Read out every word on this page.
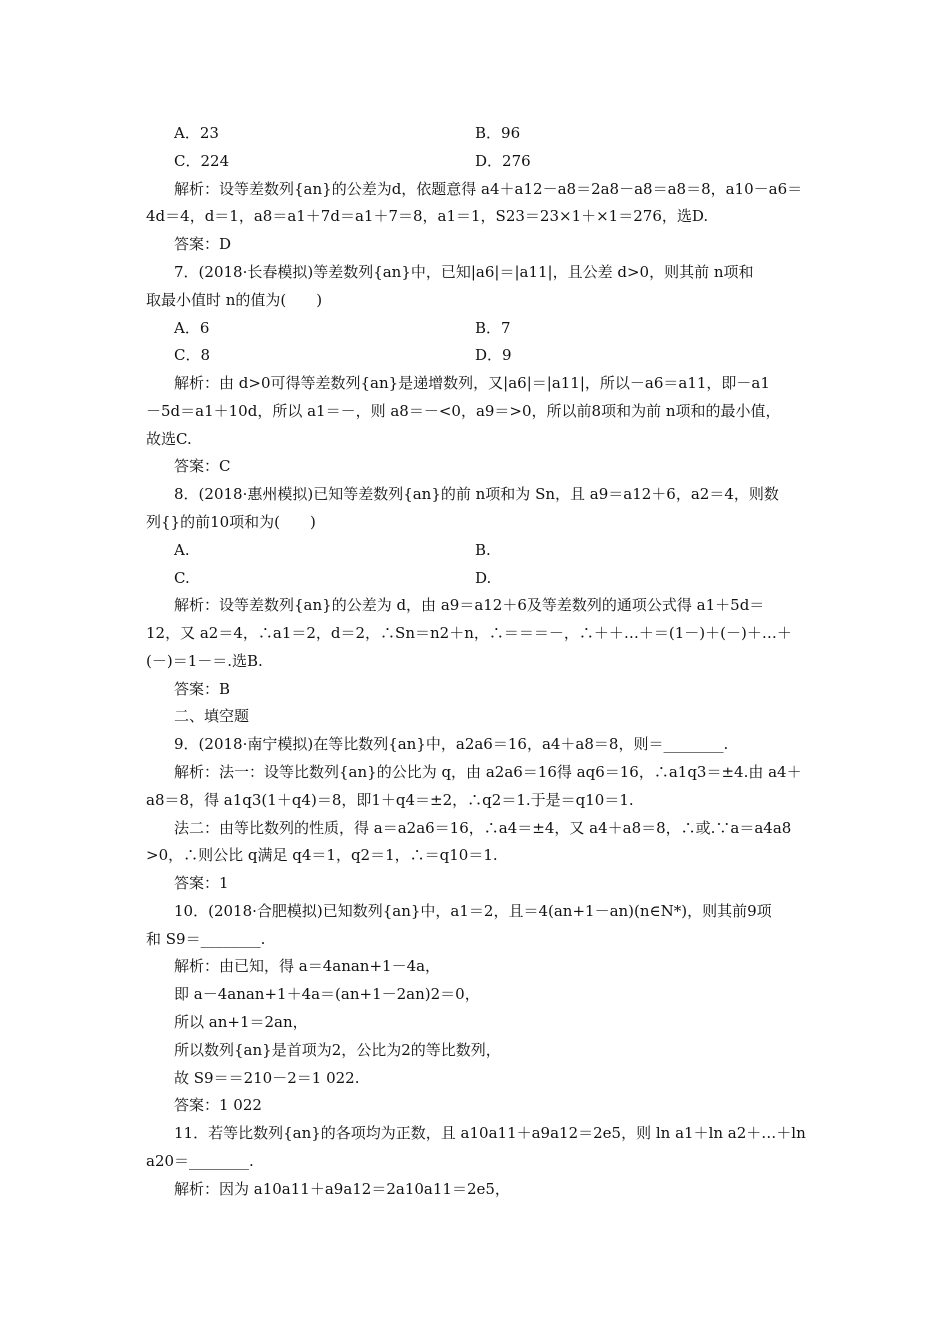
A．23	B．96
C．224	D．276
解析：设等差数列{an}的公差为d，依题意得 a4＋a12－a8＝2a8－a8＝a8＝8，a10－a6＝
4d＝4，d＝1，a8＝a1＋7d＝a1＋7＝8，a1＝1，S23＝23×1＋×1＝276，选D.
答案：D
7．(2018·长春模拟)等差数列{an}中，已知|a6|＝|a11|，且公差 d>0，则其前 n项和
取最小值时 n的值为(　　)
A．6	B．7
C．8	D．9
解析：由 d>0可得等差数列{an}是递增数列，又|a6|＝|a11|，所以－a6＝a11，即－a1
－5d＝a1＋10d，所以 a1＝－，则 a8＝－<0，a9＝>0，所以前8项和为前 n项和的最小值，
故选C.
答案：C
8．(2018·惠州模拟)已知等差数列{an}的前 n项和为 Sn，且 a9＝a12＋6，a2＝4，则数
列{}的前10项和为(　　)
A.	B.
C.	D.
解析：设等差数列{an}的公差为 d，由 a9＝a12＋6及等差数列的通项公式得 a1＋5d＝
12，又 a2＝4，∴a1＝2，d＝2，∴Sn＝n2＋n，∴＝＝＝－，∴＋＋…＋＝(1－)＋(－)＋…＋
(－)＝1－＝.选B.
答案：B
二、填空题
9．(2018·南宁模拟)在等比数列{an}中，a2a6＝16，a4＋a8＝8，则＝________.
解析：法一：设等比数列{an}的公比为 q，由 a2a6＝16得 aq6＝16，∴a1q3＝±4.由 a4＋
a8＝8，得 a1q3(1＋q4)＝8，即1＋q4＝±2，∴q2＝1.于是＝q10＝1.
法二：由等比数列的性质，得 a＝a2a6＝16，∴a4＝±4，又 a4＋a8＝8，∴或.∵a＝a4a8
>0，∴则公比 q满足 q4＝1，q2＝1，∴＝q10＝1.
答案：1
10．(2018·合肥模拟)已知数列{an}中，a1＝2，且＝4(an+1－an)(n∈N*)，则其前9项
和 S9＝________.
解析：由已知，得 a＝4anan+1－4a，
即 a－4anan+1＋4a＝(an+1－2an)2＝0，
所以 an+1＝2an，
所以数列{an}是首项为2，公比为2的等比数列，
故 S9＝＝210－2＝1 022.
答案：1 022
11．若等比数列{an}的各项均为正数，且 a10a11＋a9a12＝2e5，则 ln a1＋ln a2＋…＋ln
a20＝________.
解析：因为 a10a11＋a9a12＝2a10a11＝2e5，
